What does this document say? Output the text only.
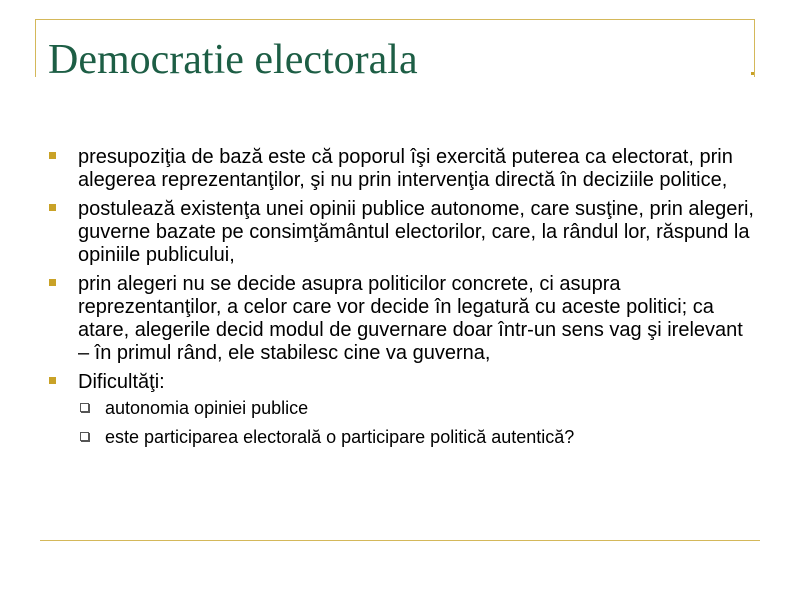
Democratie electorala
presupoziţia de bază este că poporul îşi exercită puterea ca electorat, prin alegerea reprezentanţilor, şi nu prin intervenţia directă în deciziile politice,
postulează existenţa unei opinii publice autonome, care susţine, prin alegeri, guverne bazate pe consimţământul electorilor, care, la rândul lor, răspund la opiniile publicului,
prin alegeri nu se decide asupra politicilor concrete, ci asupra reprezentanţilor, a celor care vor decide în legatură cu aceste politici; ca atare, alegerile decid modul de guvernare doar într-un sens vag şi irelevant – în primul rând, ele stabilesc cine va guverna,
Dificultăţi:
autonomia opiniei publice
este participarea electorală o participare politică autentică?
